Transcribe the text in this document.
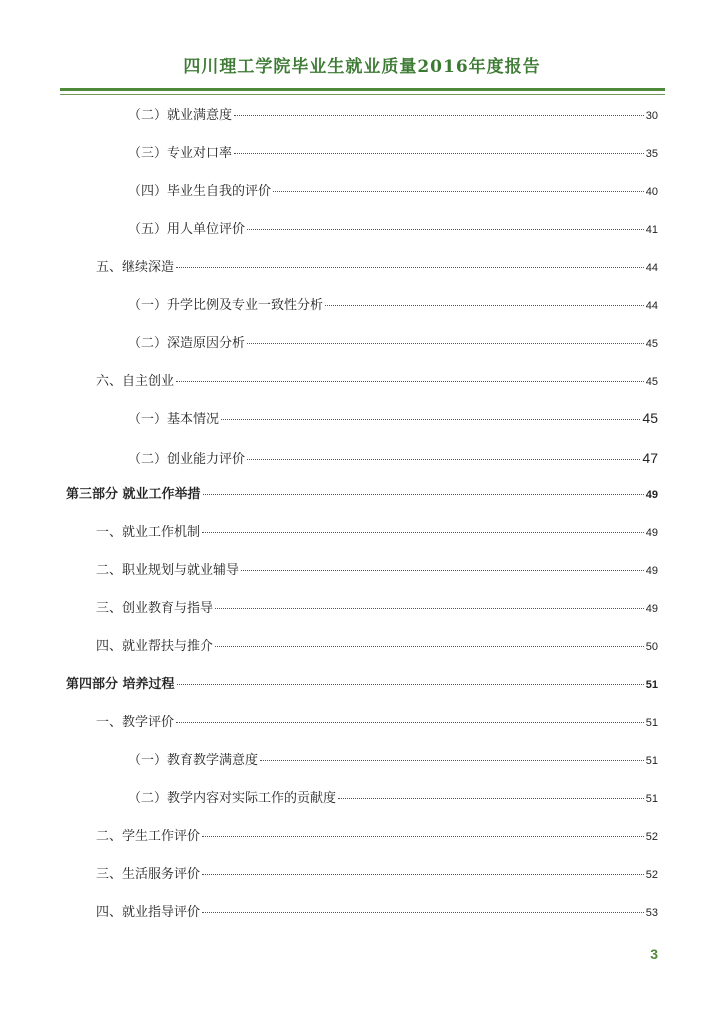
四川理工学院毕业生就业质量2016年度报告
（二）就业满意度	30
（三）专业对口率	35
（四）毕业生自我的评价	40
（五）用人单位评价	41
五、继续深造	44
（一）升学比例及专业一致性分析	44
（二）深造原因分析	45
六、自主创业	45
（一）基本情况	45
（二）创业能力评价	47
第三部分 就业工作举措	49
一、就业工作机制	49
二、职业规划与就业辅导	49
三、创业教育与指导	49
四、就业帮扶与推介	50
第四部分 培养过程	51
一、教学评价	51
（一）教育教学满意度	51
（二）教学内容对实际工作的贡献度	51
二、学生工作评价	52
三、生活服务评价	52
四、就业指导评价	53
3
